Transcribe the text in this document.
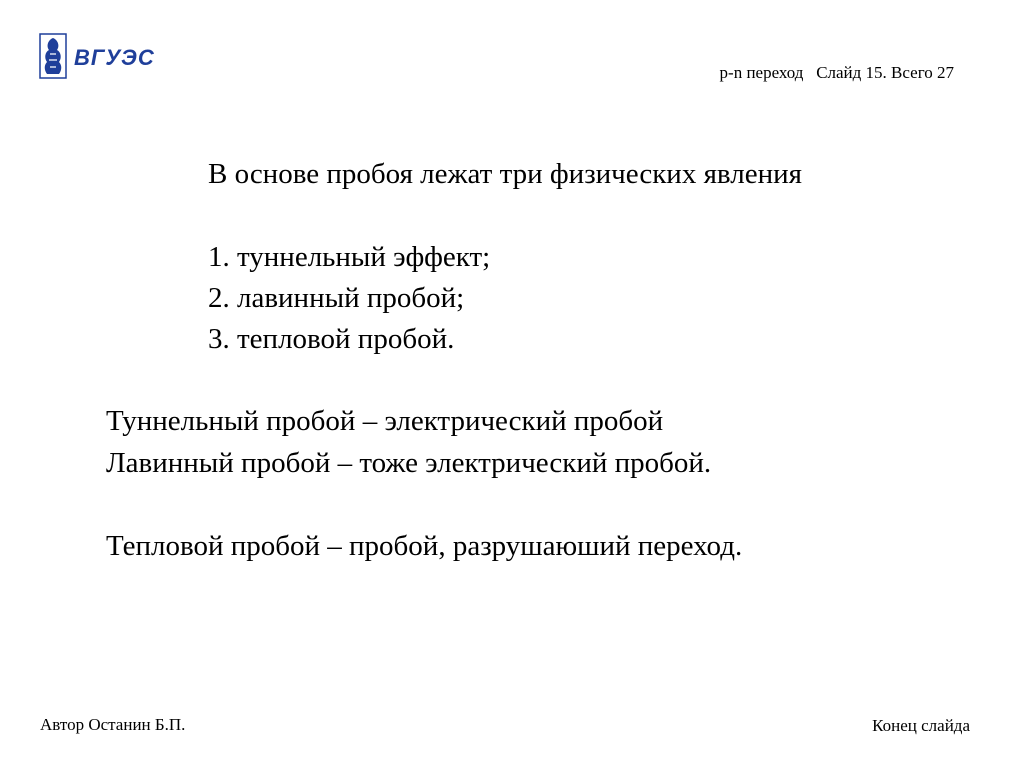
ВГУЭС

p-n переход Слайд 15. Всего 27

В основе пробоя лежат три физических явления
1. туннельный эффект;
2. лавинный пробой;
3. тепловой пробой.
Туннельный пробой – электрический пробой
Лавинный пробой – тоже электрический пробой.
Тепловой пробой – пробой, разрушаюший переход.
Автор Останин Б.П.	Конец слайда
